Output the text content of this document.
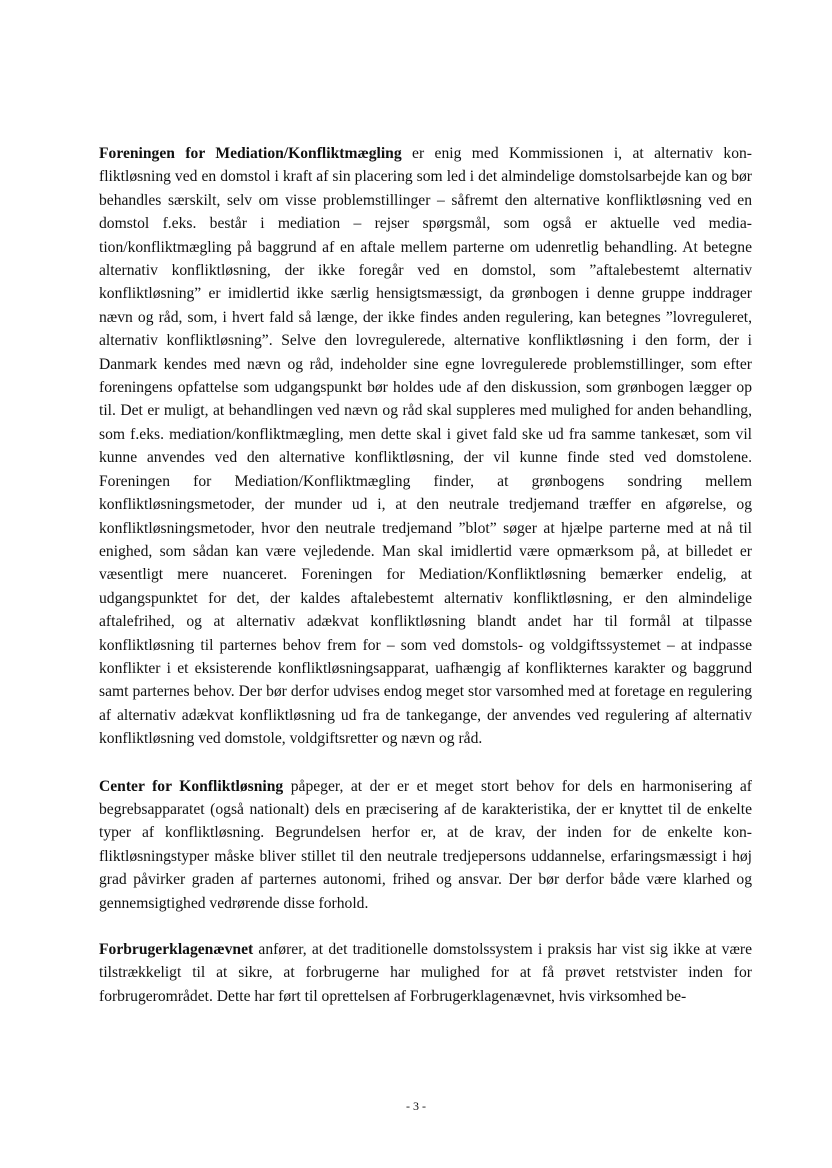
Foreningen for Mediation/Konfliktmægling er enig med Kommissionen i, at alternativ konfliktløsning ved en domstol i kraft af sin placering som led i det almindelige domstolsarbejde kan og bør behandles særskilt, selv om visse problemstillinger – såfremt den alternative konfliktløsning ved en domstol f.eks. består i mediation – rejser spørgsmål, som også er aktuelle ved mediation/konfliktmægling på baggrund af en aftale mellem parterne om udenretlig behandling. At betegne alternativ konfliktløsning, der ikke foregår ved en domstol, som ”aftalebestemt alternativ konfliktløsning” er imidlertid ikke særlig hensigtsmæssigt, da grønbogen i denne gruppe inddrager nævn og råd, som, i hvert fald så længe, der ikke findes anden regulering, kan betegnes ”lovreguleret, alternativ konfliktløsning”. Selve den lovregulerede, alternative konfliktløsning i den form, der i Danmark kendes med nævn og råd, indeholder sine egne lovregulerede problemstillinger, som efter foreningens opfattelse som udgangspunkt bør holdes ude af den diskussion, som grønbogen lægger op til. Det er muligt, at behandlingen ved nævn og råd skal suppleres med mulighed for anden behandling, som f.eks. mediation/konfliktmægling, men dette skal i givet fald ske ud fra samme tankesæt, som vil kunne anvendes ved den alternative konfliktløsning, der vil kunne finde sted ved domstolene. Foreningen for Mediation/Konfliktmægling finder, at grønbogens sondring mellem konfliktløsningsmetoder, der munder ud i, at den neutrale tredjemand træffer en afgørelse, og konfliktløsningsmetoder, hvor den neutrale tredjemand ”blot” søger at hjælpe parterne med at nå til enighed, som sådan kan være vejledende. Man skal imidlertid være opmærksom på, at billedet er væsentligt mere nuanceret. Foreningen for Mediation/Konfliktløsning bemærker endelig, at udgangspunktet for det, der kaldes aftalebestemt alternativ konfliktløsning, er den almindelige aftalefrihed, og at alternativ adækvat konfliktløsning blandt andet har til formål at tilpasse konfliktløsning til parternes behov frem for – som ved domstols- og voldgiftssystemet – at indpasse konflikter i et eksisterende konfliktløsningsapparat, uafhængig af konflikternes karakter og baggrund samt parternes behov. Der bør derfor udvises endog meget stor varsomhed med at foretage en regulering af alternativ adækvat konfliktløsning ud fra de tankegange, der anvendes ved regulering af alternativ konfliktløsning ved domstole, voldgiftsretter og nævn og råd.

Center for Konfliktløsning påpeger, at der er et meget stort behov for dels en harmonisering af begrebsapparatet (også nationalt) dels en præcisering af de karakteristika, der er knyttet til de enkelte typer af konfliktløsning. Begrundelsen herfor er, at de krav, der inden for de enkelte konfliktløsningstyper måske bliver stillet til den neutrale tredjepersons uddannelse, erfaringsmæssigt i høj grad påvirker graden af parternes autonomi, frihed og ansvar. Der bør derfor både være klarhed og gennemsigtighed vedrørende disse forhold.

Forbrugerklagenævnet anfører, at det traditionelle domstolssystem i praksis har vist sig ikke at være tilstrækkeligt til at sikre, at forbrugerne har mulighed for at få prøvet retstvister inden for forbrugerområdet. Dette har ført til oprettelsen af Forbrugerklagenævnet, hvis virksomhed be-

- 3 -
